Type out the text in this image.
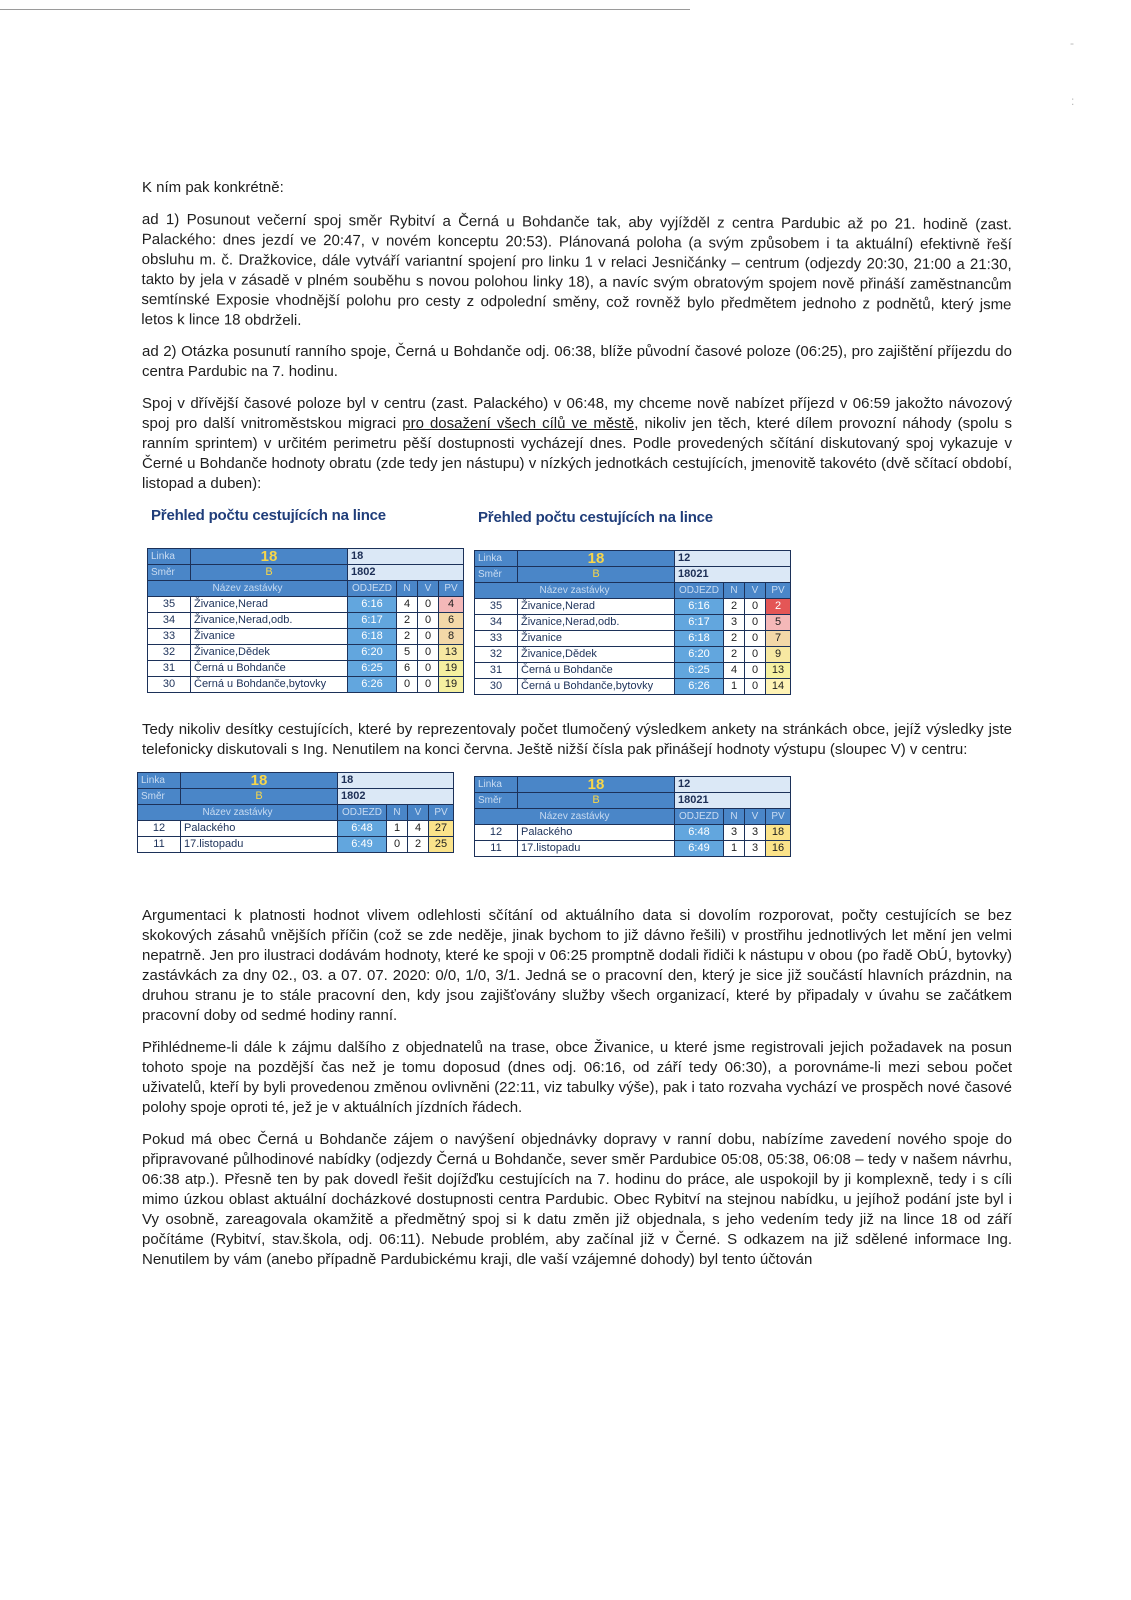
-
:

K ním pak konkrétně:

ad 1) Posunout večerní spoj směr Rybitví a Černá u Bohdanče tak, aby vyjížděl z centra Pardubic až po 21. hodině (zast. Palackého: dnes jezdí ve 20:47, v novém konceptu 20:53). Plánovaná poloha (a svým způsobem i ta aktuální) efektivně řeší obsluhu m. č. Dražkovice, dále vytváří variantní spojení pro linku 1 v relaci Jesničánky – centrum (odjezdy 20:30, 21:00 a 21:30, takto by jela v zásadě v plném souběhu s novou polohou linky 18), a navíc svým obratovým spojem nově přináší zaměstnancům semtínské Exposie vhodnější polohu pro cesty z odpolední směny, což rovněž bylo předmětem jednoho z podnětů, který jsme letos k lince 18 obdrželi.

ad 2) Otázka posunutí ranního spoje, Černá u Bohdanče odj. 06:38, blíže původní časové poloze (06:25), pro zajištění příjezdu do centra Pardubic na 7. hodinu.

Spoj v dřívější časové poloze byl v centru (zast. Palackého) v 06:48, my chceme nově nabízet příjezd v 06:59 jakožto návozový spoj pro další vnitroměstskou migraci pro dosažení všech cílů ve městě, nikoliv jen těch, které dílem provozní náhody (spolu s ranním sprintem) v určitém perimetru pěší dostupnosti vycházejí dnes. Podle provedených sčítání diskutovaný spoj vykazuje v Černé u Bohdanče hodnoty obratu (zde tedy jen nástupu) v nízkých jednotkách cestujících, jmenovitě takovéto (dvě sčítací období, listopad a duben):

Přehled počtu cestujících na lince
Linka	18	18			
Směr	B	1802			
Název zastávky		ODJEZD	N	V	PV
35	Živanice,Nerad	6:16	4	0	4
34	Živanice,Nerad,odb.	6:17	2	0	6
33	Živanice	6:18	2	0	8
32	Živanice,Dědek	6:20	5	0	13
31	Černá u Bohdanče	6:25	6	0	19
30	Černá u Bohdanče,bytovky	6:26	0	0	19
Přehled počtu cestujících na lince
Linka	18	12			
Směr	B	18021			
Název zastávky		ODJEZD	N	V	PV
35	Živanice,Nerad	6:16	2	0	2
34	Živanice,Nerad,odb.	6:17	3	0	5
33	Živanice	6:18	2	0	7
32	Živanice,Dědek	6:20	2	0	9
31	Černá u Bohdanče	6:25	4	0	13
30	Černá u Bohdanče,bytovky	6:26	1	0	14

Tedy nikoliv desítky cestujících, které by reprezentovaly počet tlumočený výsledkem ankety na stránkách obce, jejíž výsledky jste telefonicky diskutovali s Ing. Nenutilem na konci června. Ještě nižší čísla pak přinášejí hodnoty výstupu (sloupec V) v centru:

Linka	18	18			
Směr	B	1802			
Název zastávky		ODJEZD	N	V	PV
12	Palackého	6:48	1	4	27
11	17.listopadu	6:49	0	2	25
Linka	18	12			
Směr	B	18021			
Název zastávky		ODJEZD	N	V	PV
12	Palackého	6:48	3	3	18
11	17.listopadu	6:49	1	3	16

Argumentaci k platnosti hodnot vlivem odlehlosti sčítání od aktuálního data si dovolím rozporovat, počty cestujících se bez skokových zásahů vnějších příčin (což se zde neděje, jinak bychom to již dávno řešili) v prostřihu jednotlivých let mění jen velmi nepatrně. Jen pro ilustraci dodávám hodnoty, které ke spoji v 06:25 promptně dodali řidiči k nástupu v obou (po řadě ObÚ, bytovky) zastávkách za dny 02., 03. a 07. 07. 2020: 0/0, 1/0, 3/1. Jedná se o pracovní den, který je sice již součástí hlavních prázdnin, na druhou stranu je to stále pracovní den, kdy jsou zajišťovány služby všech organizací, které by připadaly v úvahu se začátkem pracovní doby od sedmé hodiny ranní.

Přihlédneme-li dále k zájmu dalšího z objednatelů na trase, obce Živanice, u které jsme registrovali jejich požadavek na posun tohoto spoje na pozdější čas než je tomu doposud (dnes odj. 06:16, od září tedy 06:30), a porovnáme-li mezi sebou počet uživatelů, kteří by byli provedenou změnou ovlivněni (22:11, viz tabulky výše), pak i tato rozvaha vychází ve prospěch nové časové polohy spoje oproti té, jež je v aktuálních jízdních řádech.

Pokud má obec Černá u Bohdanče zájem o navýšení objednávky dopravy v ranní dobu, nabízíme zavedení nového spoje do připravované půlhodinové nabídky (odjezdy Černá u Bohdanče, sever směr Pardubice 05:08, 05:38, 06:08 – tedy v našem návrhu, 06:38 atp.). Přesně ten by pak dovedl řešit dojížďku cestujících na 7. hodinu do práce, ale uspokojil by ji komplexně, tedy i s cíli mimo úzkou oblast aktuální docházkové dostupnosti centra Pardubic. Obec Rybitví na stejnou nabídku, u jejíhož podání jste byl i Vy osobně, zareagovala okamžitě a předmětný spoj si k datu změn již objednala, s jeho vedením tedy již na lince 18 od září počítáme (Rybitví, stav.škola, odj. 06:11). Nebude problém, aby začínal již v Černé. S odkazem na již sdělené informace Ing. Nenutilem by vám (anebo případně Pardubickému kraji, dle vaší vzájemné dohody) byl tento účtován
